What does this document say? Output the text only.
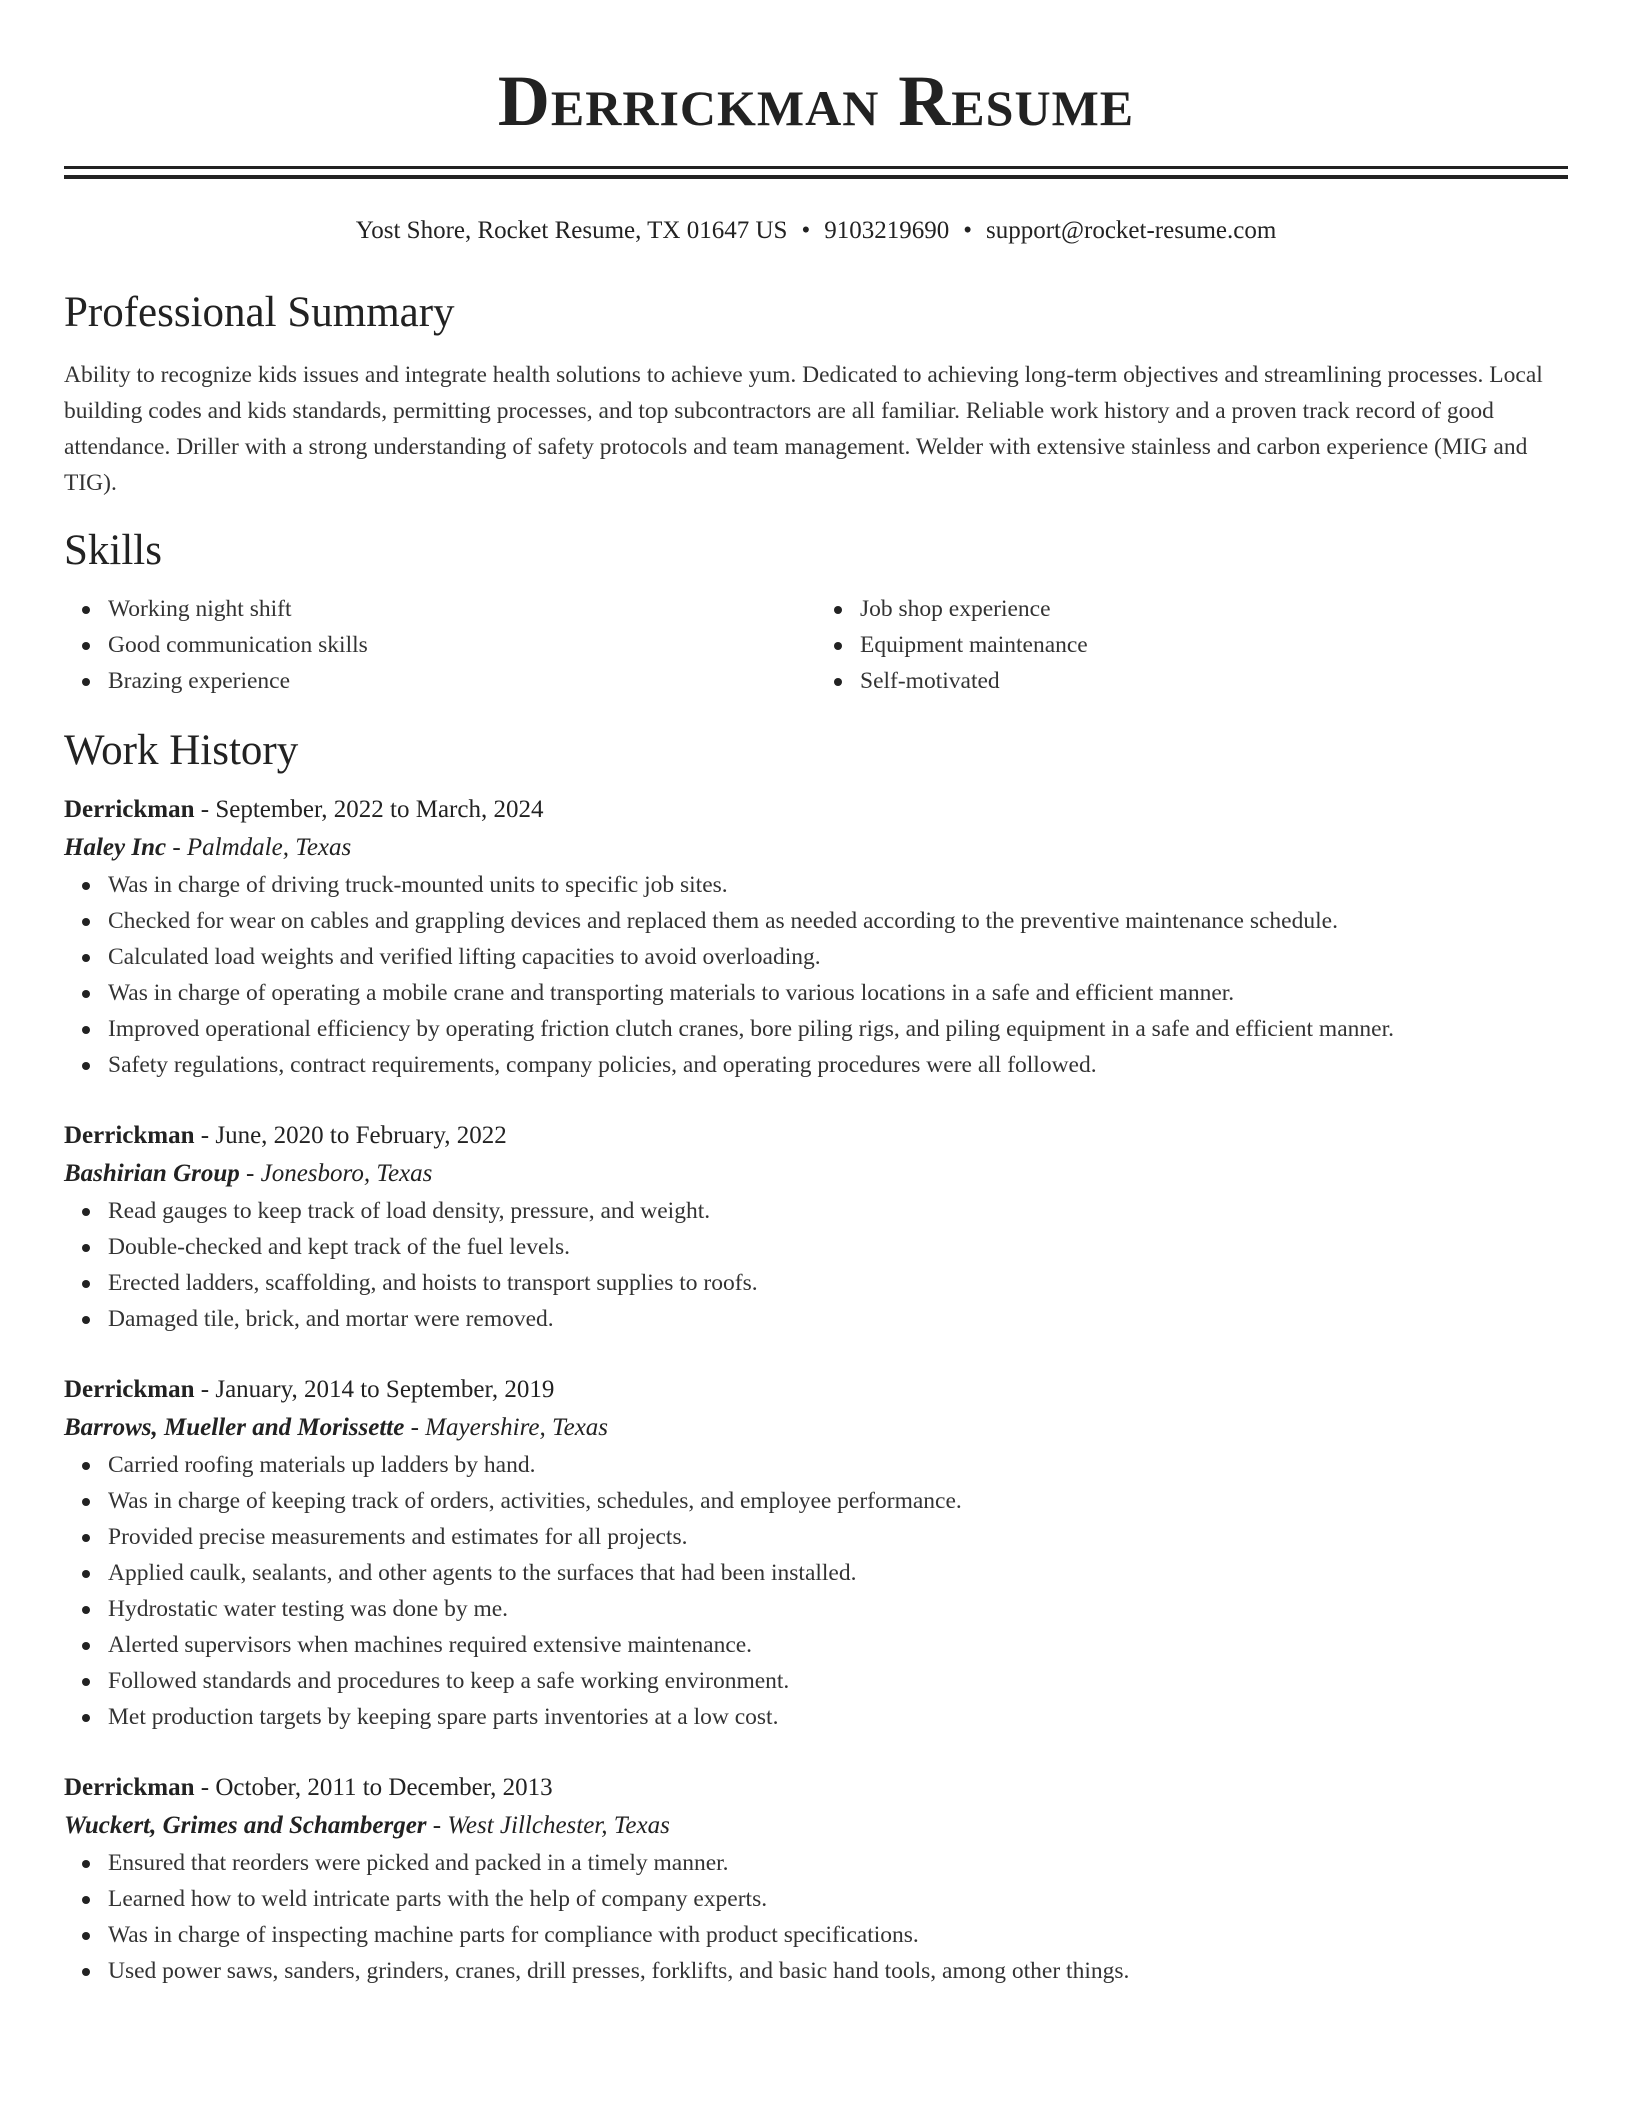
Derrickman Resume
Yost Shore, Rocket Resume, TX 01647 US • 9103219690 • support@rocket-resume.com
Professional Summary
Ability to recognize kids issues and integrate health solutions to achieve yum. Dedicated to achieving long-term objectives and streamlining processes. Local building codes and kids standards, permitting processes, and top subcontractors are all familiar. Reliable work history and a proven track record of good attendance. Driller with a strong understanding of safety protocols and team management. Welder with extensive stainless and carbon experience (MIG and TIG).
Skills
Working night shift
Good communication skills
Brazing experience
Job shop experience
Equipment maintenance
Self-motivated
Work History
Derrickman - September, 2022 to March, 2024
Haley Inc - Palmdale, Texas
Was in charge of driving truck-mounted units to specific job sites.
Checked for wear on cables and grappling devices and replaced them as needed according to the preventive maintenance schedule.
Calculated load weights and verified lifting capacities to avoid overloading.
Was in charge of operating a mobile crane and transporting materials to various locations in a safe and efficient manner.
Improved operational efficiency by operating friction clutch cranes, bore piling rigs, and piling equipment in a safe and efficient manner.
Safety regulations, contract requirements, company policies, and operating procedures were all followed.
Derrickman - June, 2020 to February, 2022
Bashirian Group - Jonesboro, Texas
Read gauges to keep track of load density, pressure, and weight.
Double-checked and kept track of the fuel levels.
Erected ladders, scaffolding, and hoists to transport supplies to roofs.
Damaged tile, brick, and mortar were removed.
Derrickman - January, 2014 to September, 2019
Barrows, Mueller and Morissette - Mayershire, Texas
Carried roofing materials up ladders by hand.
Was in charge of keeping track of orders, activities, schedules, and employee performance.
Provided precise measurements and estimates for all projects.
Applied caulk, sealants, and other agents to the surfaces that had been installed.
Hydrostatic water testing was done by me.
Alerted supervisors when machines required extensive maintenance.
Followed standards and procedures to keep a safe working environment.
Met production targets by keeping spare parts inventories at a low cost.
Derrickman - October, 2011 to December, 2013
Wuckert, Grimes and Schamberger - West Jillchester, Texas
Ensured that reorders were picked and packed in a timely manner.
Learned how to weld intricate parts with the help of company experts.
Was in charge of inspecting machine parts for compliance with product specifications.
Used power saws, sanders, grinders, cranes, drill presses, forklifts, and basic hand tools, among other things.
